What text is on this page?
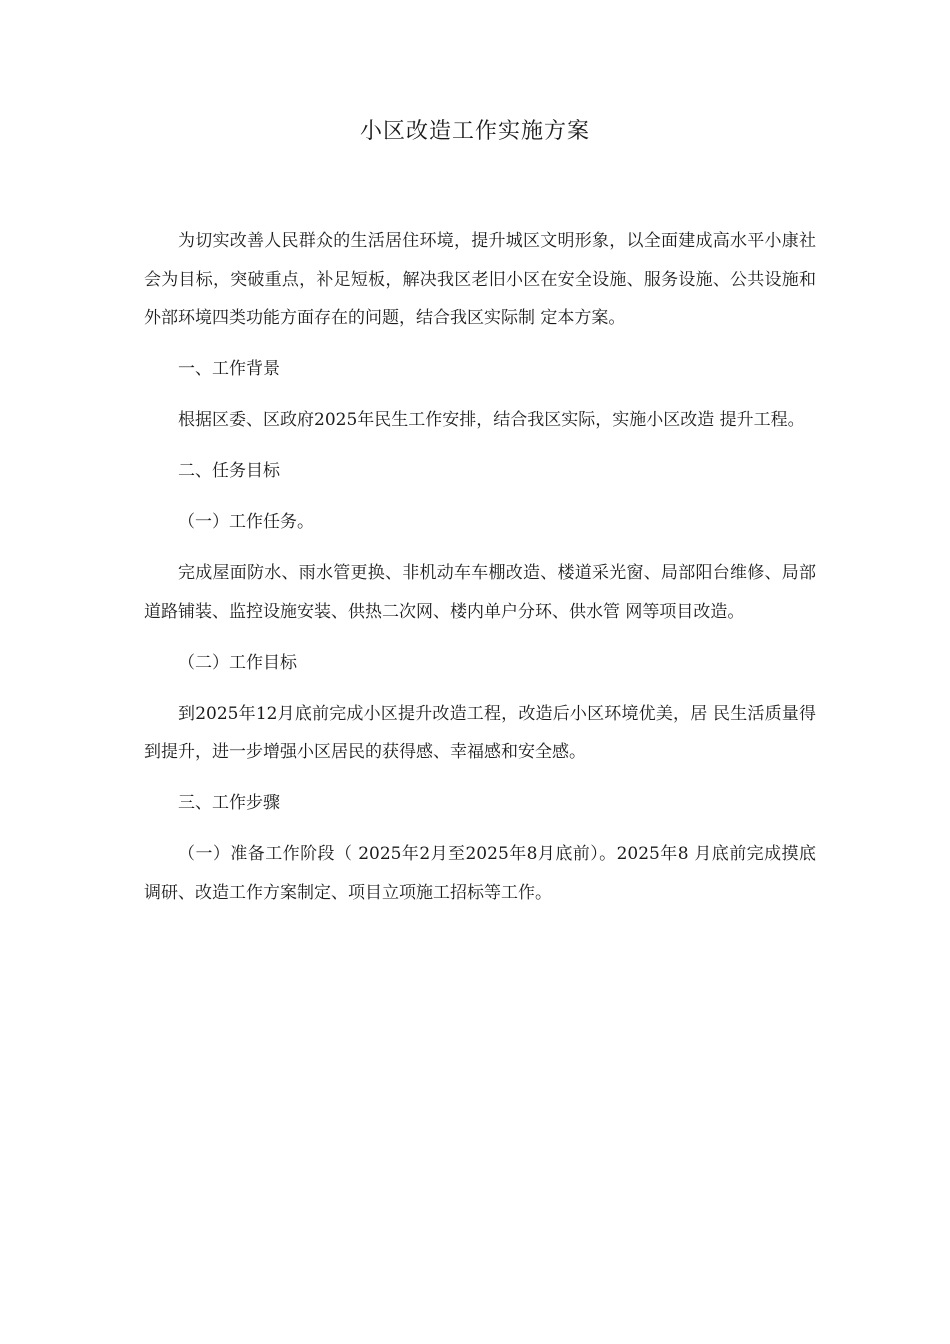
小区改造工作实施方案

为切实改善人民群众的生活居住环境，提升城区文明形象，以全面建成高水平小康社会为目标，突破重点，补足短板，解决我区老旧小区在安全设施、服务设施、公共设施和外部环境四类功能方面存在的问题，结合我区实际制 定本方案。

一、工作背景

根据区委、区政府2025年民生工作安排，结合我区实际，实施小区改造 提升工程。

二、任务目标

（一）工作任务。

完成屋面防水、雨水管更换、非机动车车棚改造、楼道采光窗、局部阳台维修、局部道路铺装、监控设施安装、供热二次网、楼内单户分环、供水管 网等项目改造。

（二）工作目标

到2025年12月底前完成小区提升改造工程，改造后小区环境优美，居 民生活质量得到提升，进一步增强小区居民的获得感、幸福感和安全感。

三、工作步骤

（一）准备工作阶段（ 2025年2月至2025年8月底前）。2025年8 月底前完成摸底调研、改造工作方案制定、项目立项施工招标等工作。
